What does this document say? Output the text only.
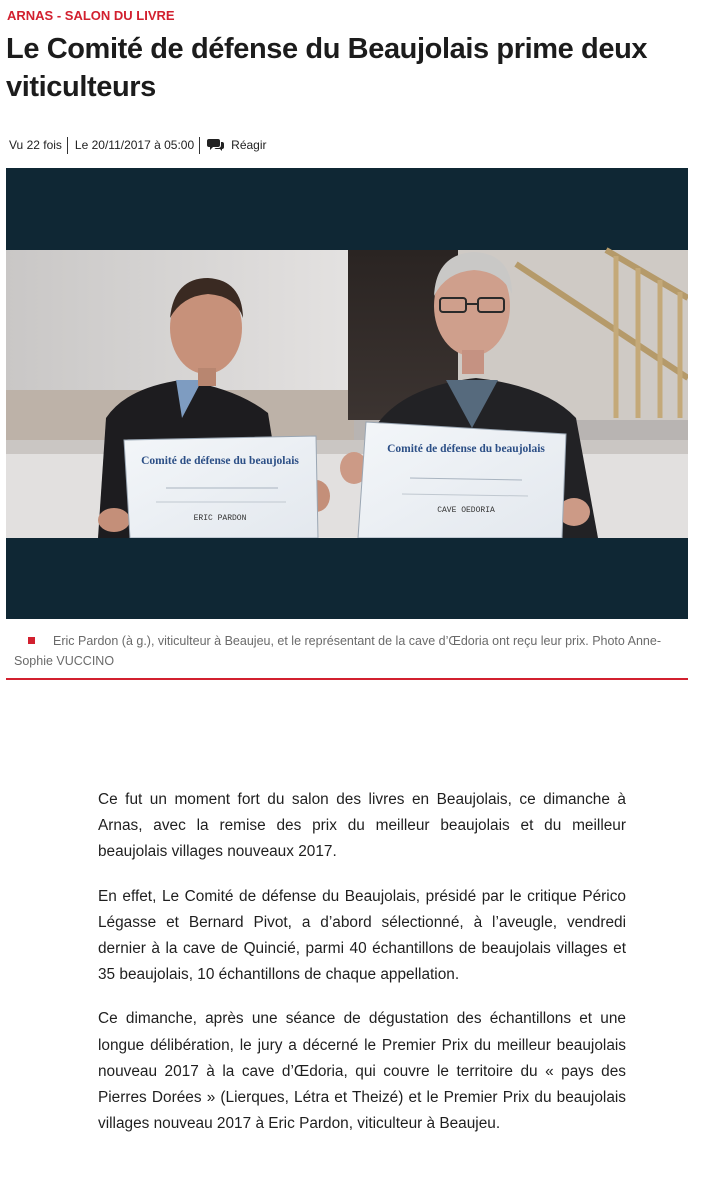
ARNAS - SALON DU LIVRE
Le Comité de défense du Beaujolais prime deux viticulteurs
Vu 22 fois Le 20/11/2017 à 05:00	Réagir
Comité de défense du beaujolais
ERIC PARDON
Comité de défense du beaujolais
CAVE OEDORIA
Eric Pardon (à g.), viticulteur à Beaujeu, et le représentant de la cave d’Œdoria ont reçu leur prix. Photo Anne-Sophie VUCCINO

Ce fut un moment fort du salon des livres en Beaujolais, ce dimanche à Arnas, avec la remise des prix du meilleur beaujolais et du meilleur beaujolais villages nouveaux 2017.

En effet, Le Comité de défense du Beaujolais, présidé par le critique Périco Légasse et Bernard Pivot, a d’abord sélectionné, à l’aveugle, vendredi dernier à la cave de Quincié, parmi 40 échantillons de beaujolais villages et 35 beaujolais, 10 échantillons de chaque appellation.

Ce dimanche, après une séance de dégustation des échantillons et une longue délibération, le jury a décerné le Premier Prix du meilleur beaujolais nouveau 2017 à la cave d’Œdoria, qui couvre le territoire du « pays des Pierres Dorées » (Lierques, Létra et Theizé) et le Premier Prix du beaujolais villages nouveau 2017 à Eric Pardon, viticulteur à Beaujeu.
